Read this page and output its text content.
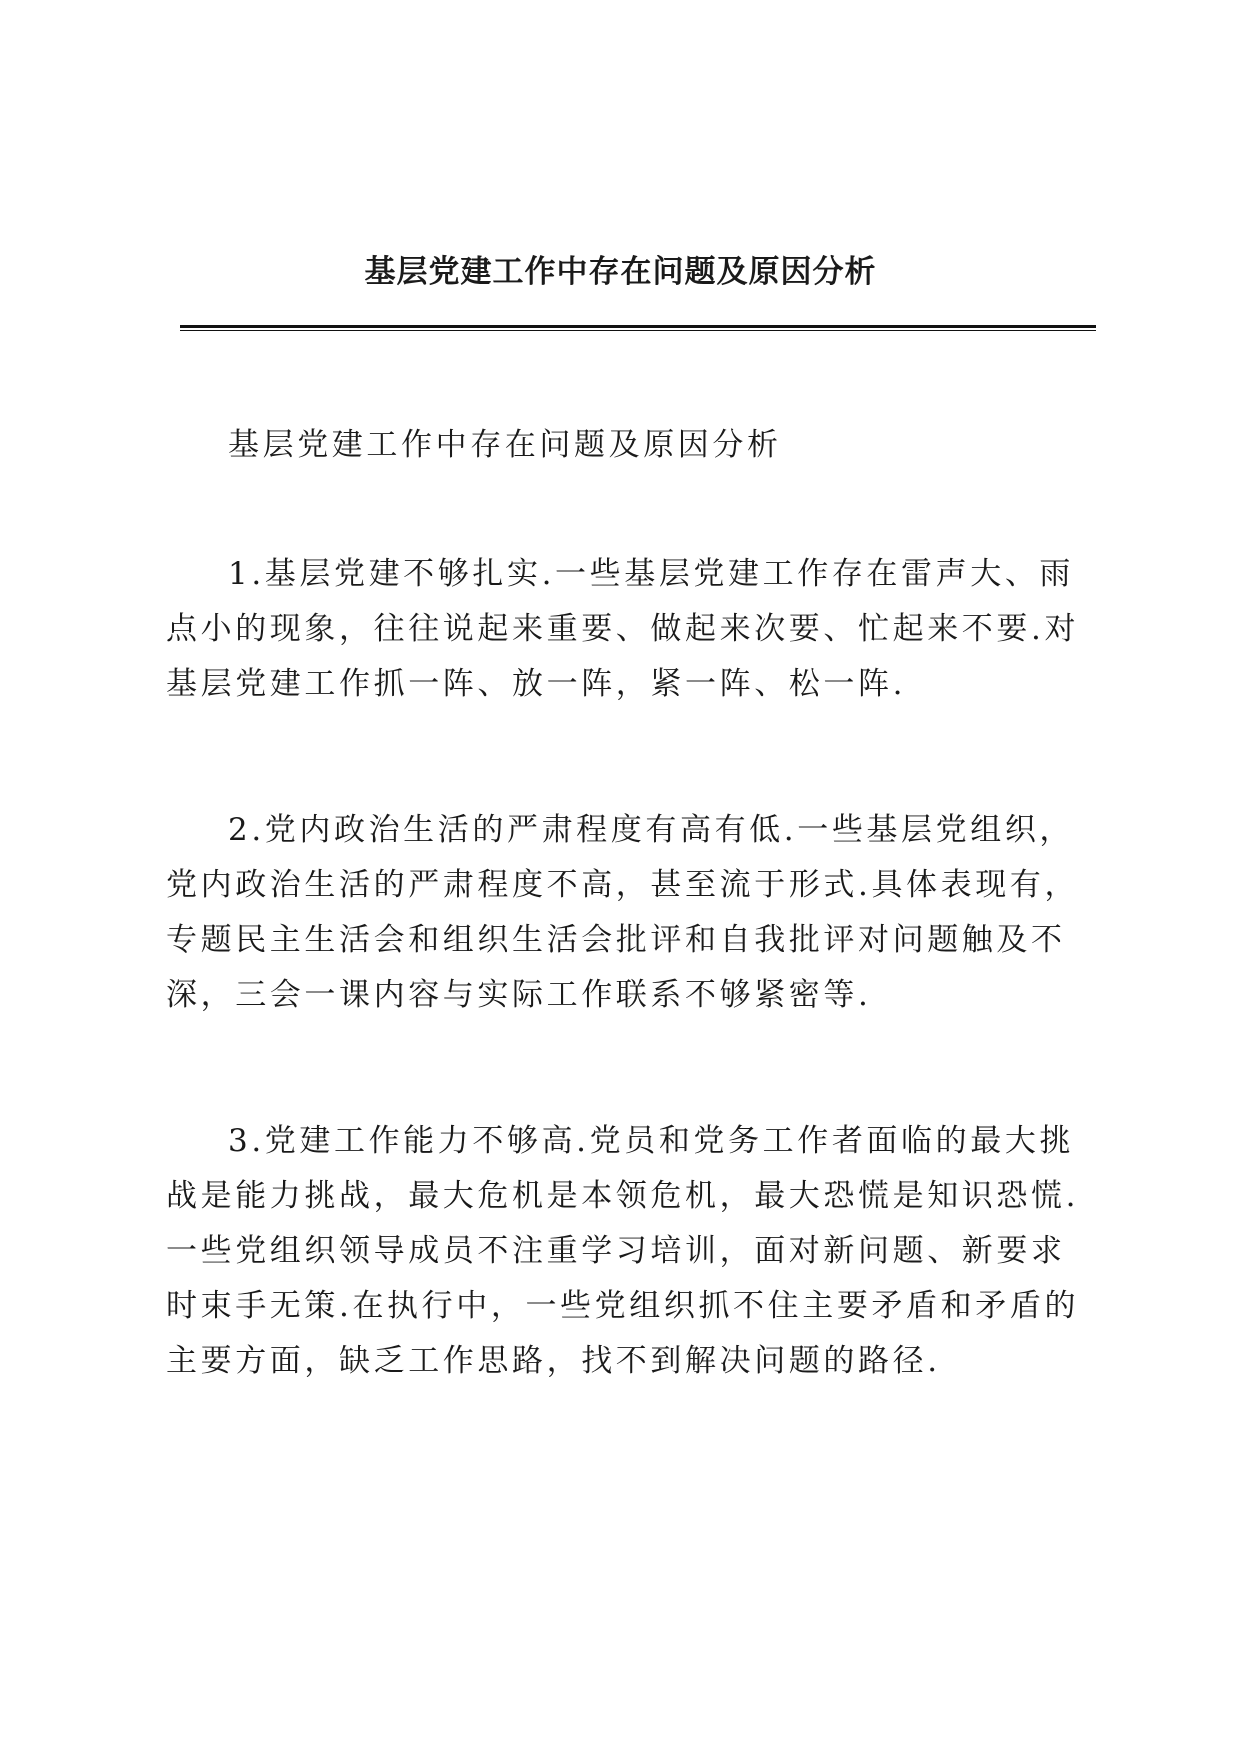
基层党建工作中存在问题及原因分析

基层党建工作中存在问题及原因分析

1.基层党建不够扎实.一些基层党建工作存在雷声大、雨点小的现象，往往说起来重要、做起来次要、忙起来不要.对基层党建工作抓一阵、放一阵，紧一阵、松一阵.

2.党内政治生活的严肃程度有高有低.一些基层党组织，党内政治生活的严肃程度不高，甚至流于形式.具体表现有，专题民主生活会和组织生活会批评和自我批评对问题触及不深，三会一课内容与实际工作联系不够紧密等.

3.党建工作能力不够高.党员和党务工作者面临的最大挑战是能力挑战，最大危机是本领危机，最大恐慌是知识恐慌.一些党组织领导成员不注重学习培训，面对新问题、新要求时束手无策.在执行中，一些党组织抓不住主要矛盾和矛盾的主要方面，缺乏工作思路，找不到解决问题的路径.
